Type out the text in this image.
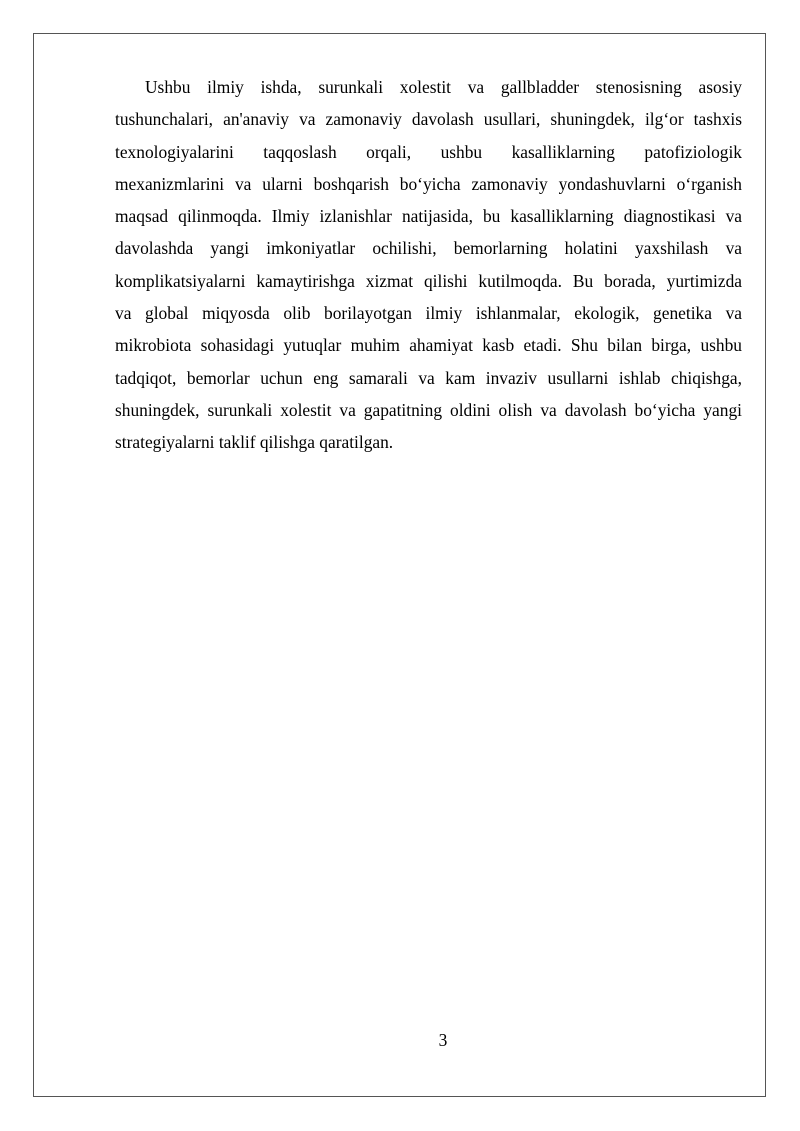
Ushbu ilmiy ishda, surunkali xolestit va gallbladder stenosisning asosiy
tushunchalari, an'anaviy va zamonaviy davolash usullari, shuningdek, ilg‘or tashxis
texnologiyalarini taqqoslash orqali, ushbu kasalliklarning patofiziologik
mexanizmlarini va ularni boshqarish bo‘yicha zamonaviy yondashuvlarni o‘rganish
maqsad qilinmoqda. Ilmiy izlanishlar natijasida, bu kasalliklarning diagnostikasi va
davolashda yangi imkoniyatlar ochilishi, bemorlarning holatini yaxshilash va
komplikatsiyalarni kamaytirishga xizmat qilishi kutilmoqda. Bu borada, yurtimizda
va global miqyosda olib borilayotgan ilmiy ishlanmalar, ekologik, genetika va
mikrobiota sohasidagi yutuqlar muhim ahamiyat kasb etadi. Shu bilan birga, ushbu
tadqiqot, bemorlar uchun eng samarali va kam invaziv usullarni ishlab chiqishga,
shuningdek, surunkali xolestit va gapatitning oldini olish va davolash bo‘yicha yangi
strategiyalarni taklif qilishga qaratilgan.
3
